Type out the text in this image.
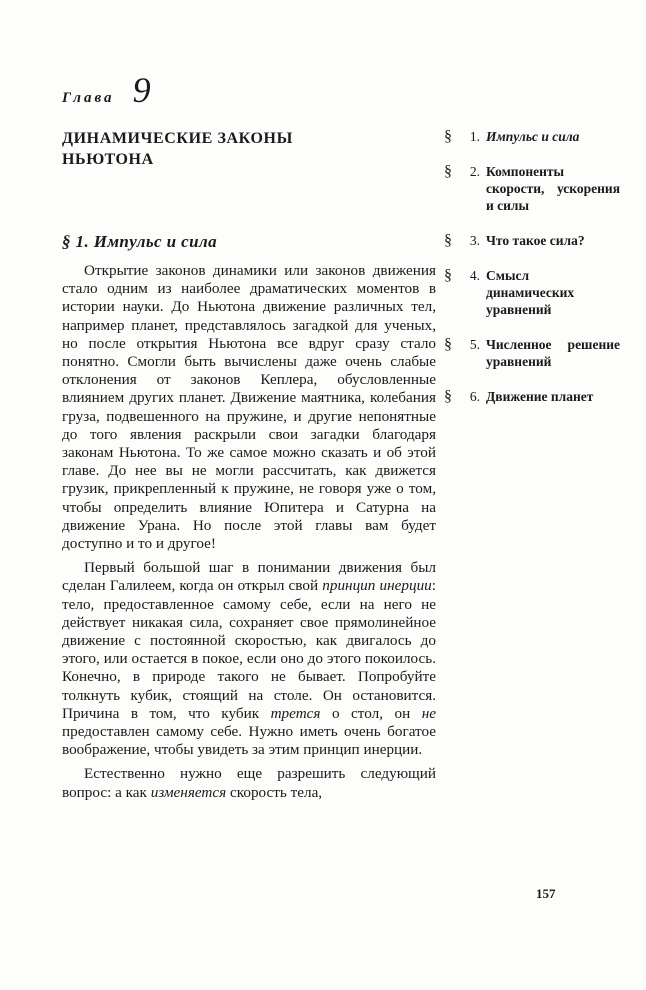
Глава 9
ДИНАМИЧЕСКИЕ ЗАКОНЫ
НЬЮТОНА
§ 1. Импульс и сила

Открытие законов динамики или законов движения стало одним из наиболее драматических моментов в истории науки. До Ньютона движение различных тел, например планет, представлялось загадкой для ученых, но после открытия Ньютона все вдруг сразу стало понятно. Смогли быть вычислены даже очень слабые отклонения от законов Кеплера, обусловленные влиянием других планет. Движение маятника, колебания груза, подвешенного на пружине, и другие непонятные до того явления раскрыли свои загадки благодаря законам Ньютона. То же самое можно сказать и об этой главе. До нее вы не могли рассчитать, как движется грузик, прикрепленный к пружине, не говоря уже о том, чтобы определить влияние Юпитера и Сатурна на движение Урана. Но после этой главы вам будет доступно и то и другое!

Первый большой шаг в понимании движения был сделан Галилеем, когда он открыл свой принцип инерции: тело, предоставленное самому себе, если на него не действует никакая сила, сохраняет свое прямолинейное движение с постоянной скоростью, как двигалось до этого, или остается в покое, если оно до этого покоилось. Конечно, в природе такого не бывает. Попробуйте толкнуть кубик, стоящий на столе. Он остановится. Причина в том, что кубик трется о стол, он не предоставлен самому себе. Нужно иметь очень богатое воображение, чтобы увидеть за этим принцип инерции.

Естественно нужно еще разрешить следующий вопрос: а как изменяется скорость тела,

§	1. Импульс и сила
§	2. Компоненты скорости, ускорения и силы
§	3. Что такое сила?
§	4. Смысл динамических уравнений
§	5. Численное решение уравнений
§	6. Движение планет
157
